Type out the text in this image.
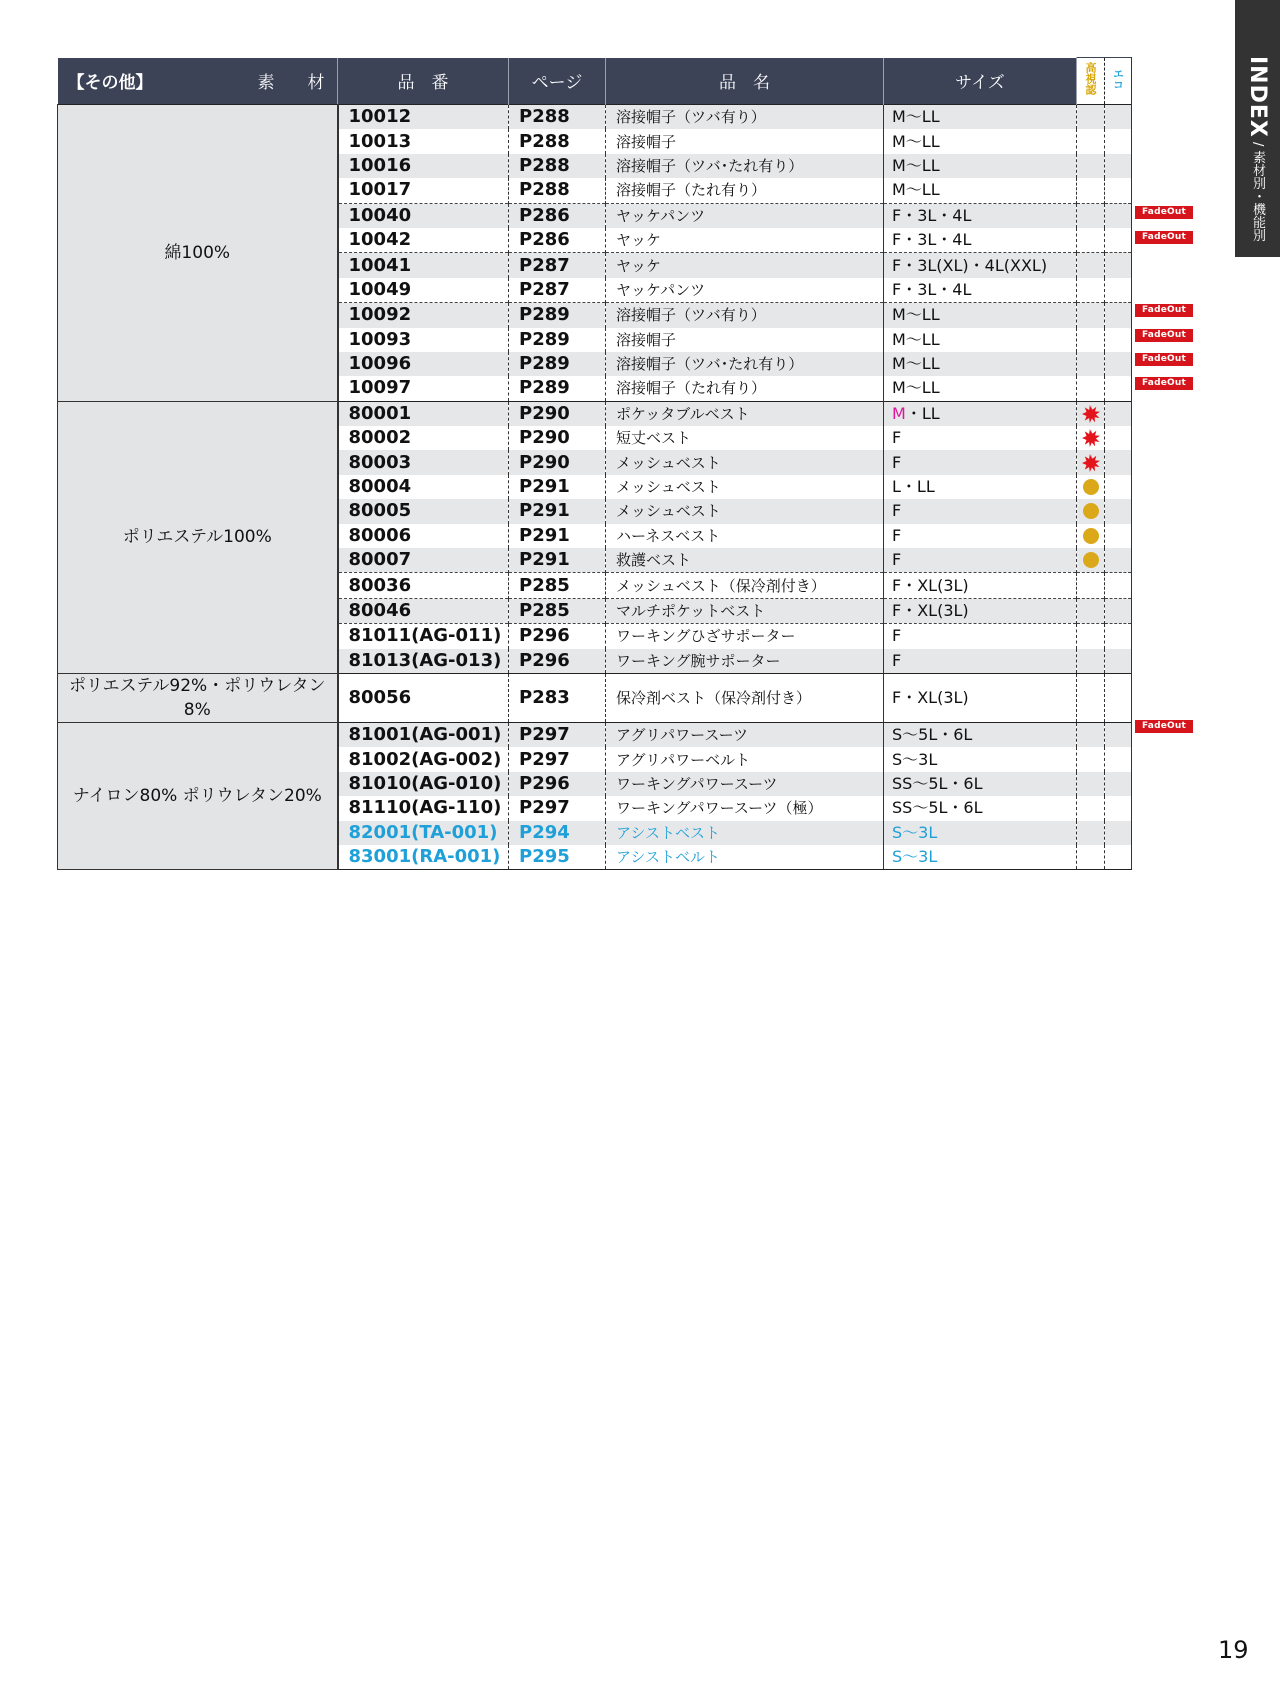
【その他】 素　材	品　番	ページ	品　名	サイズ	高視認	エコ
綿100%	10012	P288	溶接帽子（ツバ有り）	M〜LL		
	10013	P288	溶接帽子	M〜LL		
	10016	P288	溶接帽子（ツバ･たれ有り）	M〜LL		
	10017	P288	溶接帽子（たれ有り）	M〜LL		
	10040	P286	ヤッケパンツ	F・3L・4L		
	10042	P286	ヤッケ	F・3L・4L		
	10041	P287	ヤッケ	F・3L(XL)・4L(XXL)		
	10049	P287	ヤッケパンツ	F・3L・4L		
	10092	P289	溶接帽子（ツバ有り）	M〜LL		
	10093	P289	溶接帽子	M〜LL		
	10096	P289	溶接帽子（ツバ･たれ有り）	M〜LL		
	10097	P289	溶接帽子（たれ有り）	M〜LL		
ポリエステル100%	80001	P290	ポケッタブルベスト	M・LL		
	80002	P290	短丈ベスト	F		
	80003	P290	メッシュベスト	F		
	80004	P291	メッシュベスト	L・LL		
	80005	P291	メッシュベスト	F		
	80006	P291	ハーネスベスト	F		
	80007	P291	救護ベスト	F		
	80036	P285	メッシュベスト（保冷剤付き）	F・XL(3L)		
	80046	P285	マルチポケットベスト	F・XL(3L)		
	81011(AG-011)	P296	ワーキングひざサポーター	F		
	81013(AG-013)	P296	ワーキング腕サポーター	F		
ポリエステル92%・ポリウレタン8%	80056	P283	保冷剤ベスト（保冷剤付き）	F・XL(3L)		
ナイロン80% ポリウレタン20%	81001(AG-001)	P297	アグリパワースーツ	S〜5L・6L		
	81002(AG-002)	P297	アグリパワーベルト	S〜3L		
	81010(AG-010)	P296	ワーキングパワースーツ	SS〜5L・6L		
	81110(AG-110)	P297	ワーキングパワースーツ（極）	SS〜5L・6L		
	82001(TA-001)	P294	アシストベスト	S〜3L		
	83001(RA-001)	P295	アシストベルト	S〜3L		
FadeOut
FadeOut
FadeOut
FadeOut
FadeOut
FadeOut
FadeOut
INDEX / 素材別・機能別
19
